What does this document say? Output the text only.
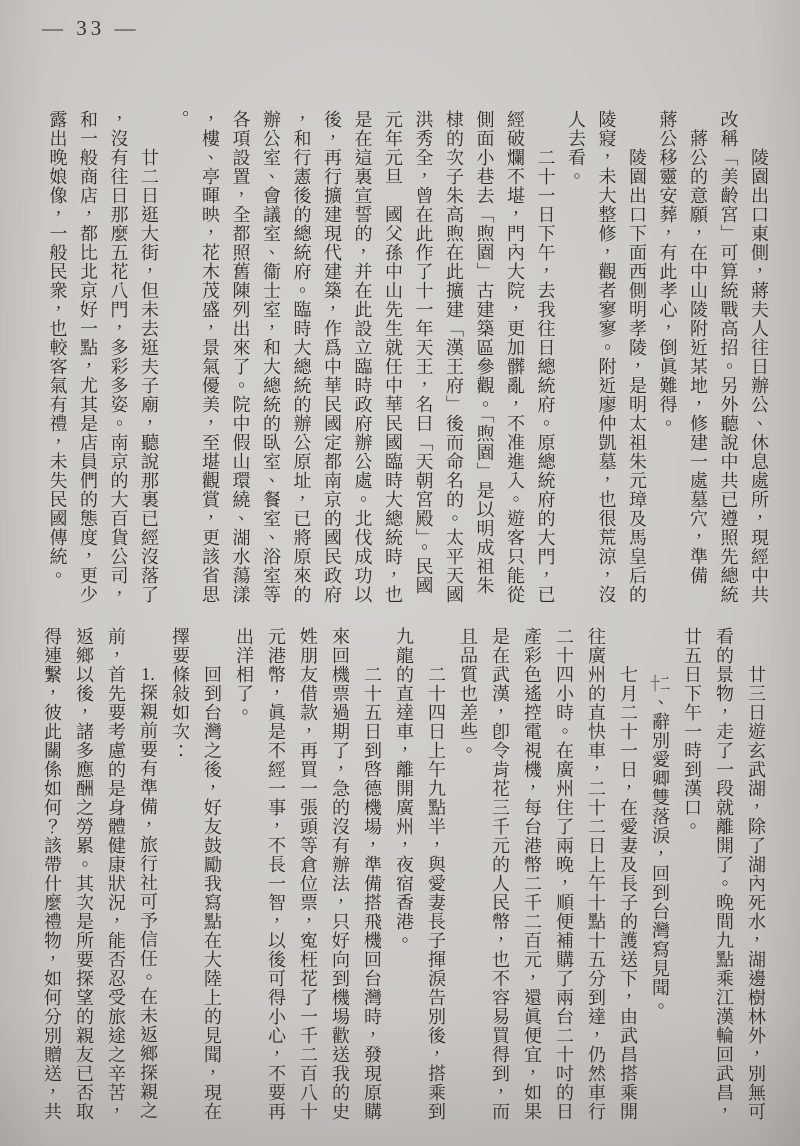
— 33 —

陵園出口東側，蔣夫人往日辦公、休息處所，現經中共

改稱「美齡宮」可算統戰高招。另外聽說中共已遵照先總統

蔣公的意願，在中山陵附近某地，修建一處墓穴，準備

蔣公移靈安葬，有此孝心，倒眞難得。

陵園出口下面西側明孝陵，是明太祖朱元璋及馬皇后的

陵寢，未大整修，觀者寥寥。附近廖仲凱墓，也很荒涼，沒

人去看。

二十一日下午，去我往日總統府。原總統府的大門，已

經破爛不堪，門內大院，更加髒亂，不准進入。遊客只能從

側面小巷去「煦園」古建築區參觀。「煦園」是以明成祖朱

棣的次子朱高煦在此擴建「漢王府」後而命名的。太平天國

洪秀全，曾在此作了十一年天王，名曰「天朝宮殿」。民國

元年元旦　國父孫中山先生就任中華民國臨時大總統時，也

是在這裏宣誓的，并在此設立臨時政府辦公處。北伐成功以

後，再行擴建現代建築，作爲中華民國定都南京的國民政府

，和行憲後的總統府。臨時大總統的辦公原址，已將原來的

辦公室、會議室、衞士室，和大總統的臥室、餐室、浴室等

各項設置，全都照舊陳列出來了。院中假山環繞、湖水蕩漾

，樓、亭暉映，花木茂盛，景氣優美，至堪觀賞，更該省思

。

廿二日逛大街，但未去逛夫子廟，聽說那裏已經沒落了

，沒有往日那麼五花八門，多彩多姿。南京的大百貨公司，

和一般商店，都比北京好一點，尤其是店員們的態度，更少

露出晚娘像，一般民衆，也較客氣有禮，未失民國傳統。

廿三日遊玄武湖，除了湖內死水，湖邊樹林外，別無可

看的景物，走了一段就離開了。晚間九點乘江漢輪回武昌，

廿五日下午一時到漢口。

十二、辭別愛卿雙落淚，回到台灣寫見聞。

七月二十一日，在愛妻及長子的護送下，由武昌搭乘開

往廣州的直快車，二十二日上午十點十五分到達，仍然車行

二十四小時。在廣州住了兩晚，順便補購了兩台二十吋的日

產彩色遙控電視機，每台港幣二千二百元，還眞便宜，如果

是在武漢，卽令肯花三千元的人民幣，也不容易買得到，而

且品質也差些。

二十四日上午九點半，與愛妻長子揮淚告別後，搭乘到

九龍的直達車，離開廣州，夜宿香港。

二十五日到啓德機場，準備搭飛機回台灣時，發現原購

來回機票過期了，急的沒有辦法，只好向到機場歡送我的史

姓朋友借款，再買一張頭等倉位票，寃枉花了一千二百八十

元港幣，眞是不經一事，不長一智，以後可得小心，不要再

出洋相了。

回到台灣之後，好友鼓勵我寫點在大陸上的見聞，現在

擇要條敍如次：

1.探親前要有準備，旅行社可予信任。在未返鄉探親之

前，首先要考慮的是身體健康狀況，能否忍受旅途之辛苦，

返鄉以後，諸多應酬之勞累。其次是所要探望的親友已否取

得連繫，彼此關係如何？該帶什麼禮物，如何分別贈送，共
